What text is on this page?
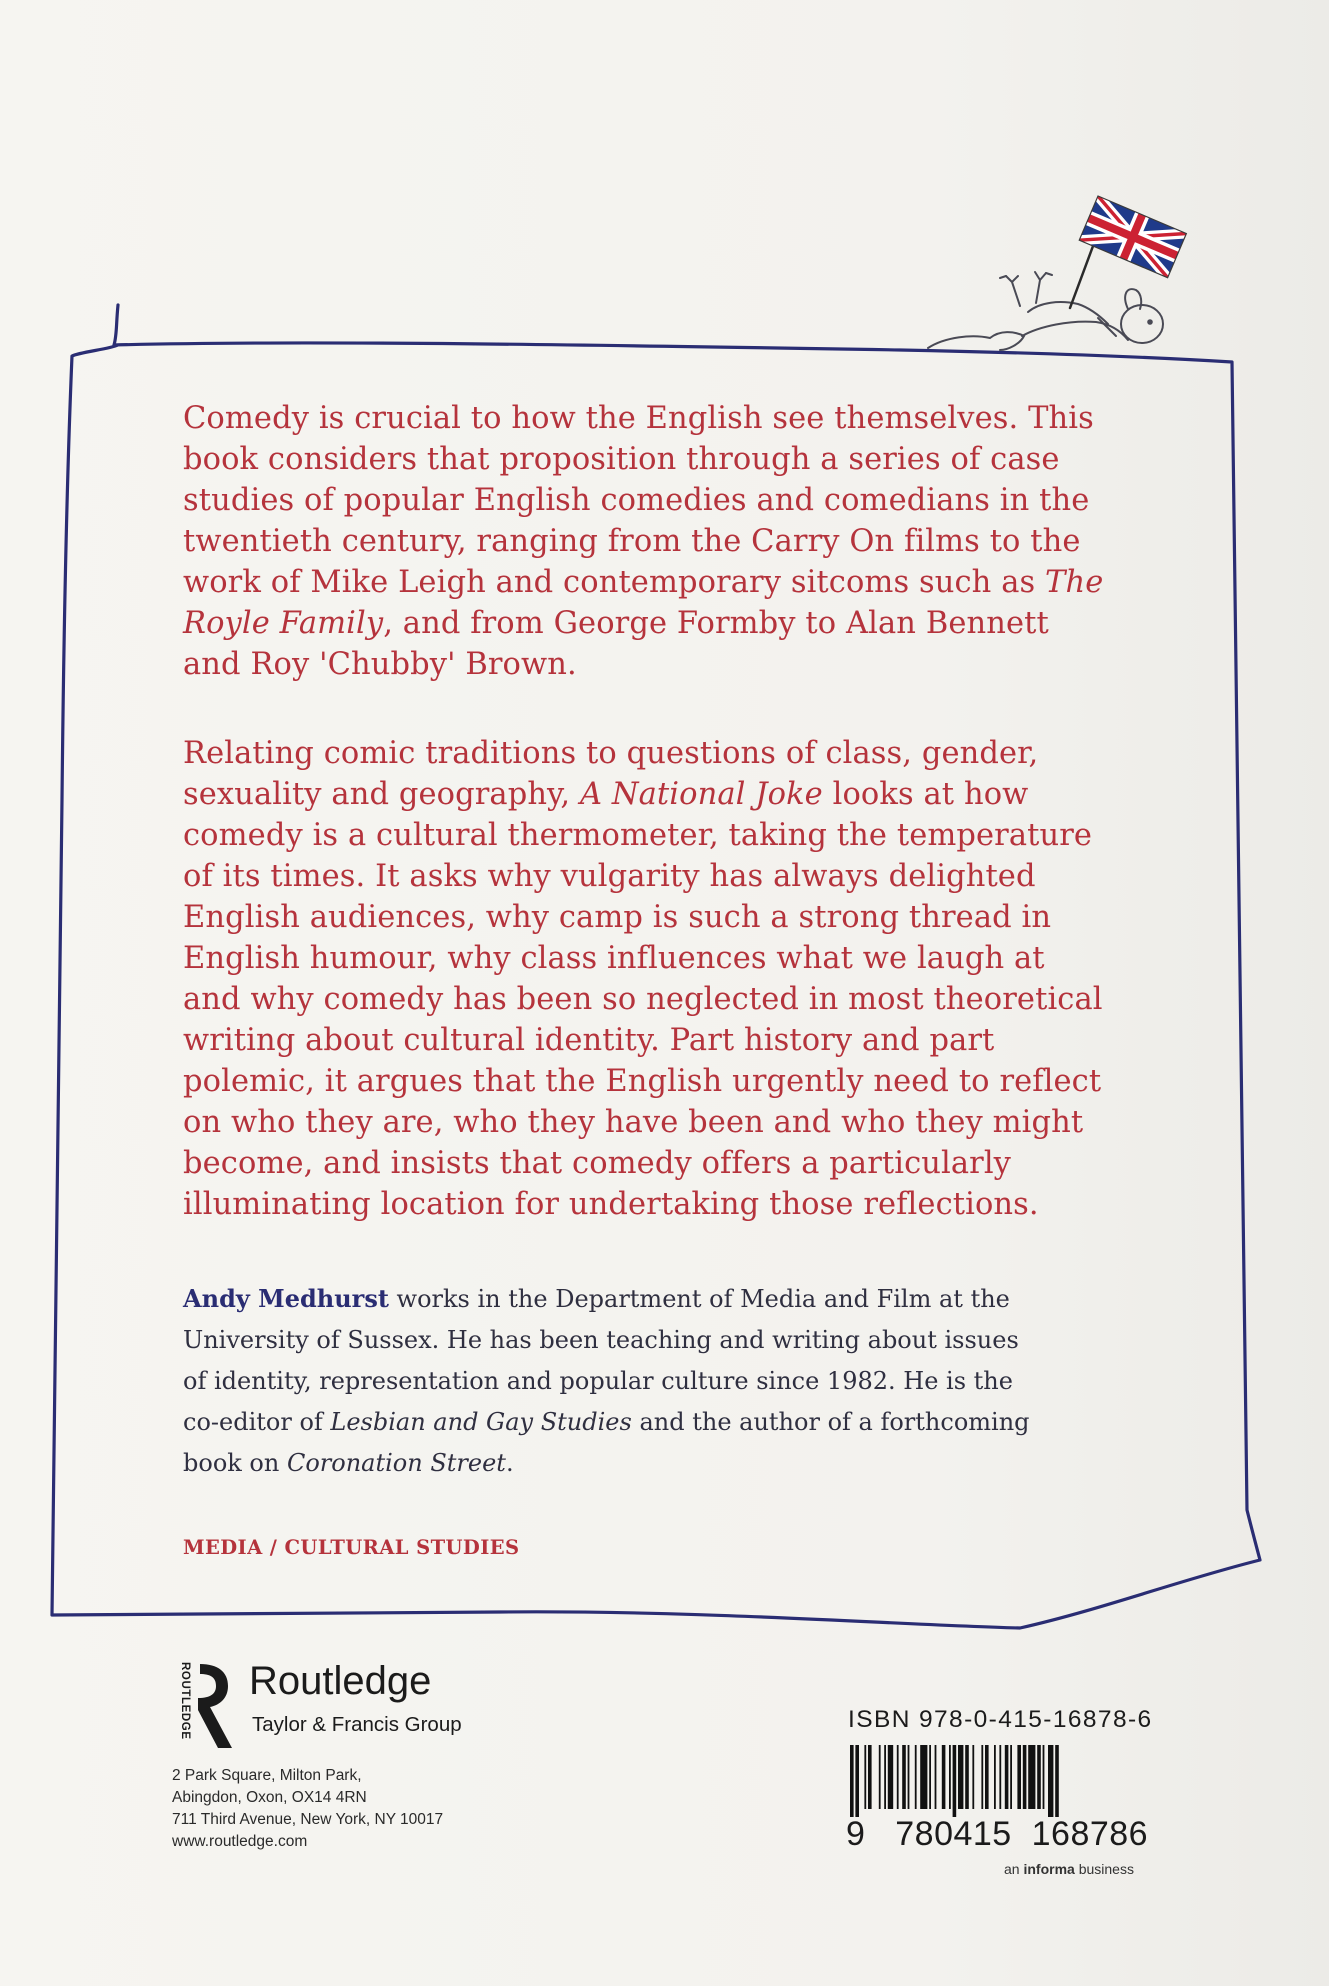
Comedy is crucial to how the English see themselves. This
book considers that proposition through a series of case
studies of popular English comedies and comedians in the
twentieth century, ranging from the Carry On films to the
work of Mike Leigh and contemporary sitcoms such as The
Royle Family, and from George Formby to Alan Bennett
and Roy 'Chubby' Brown.
Relating comic traditions to questions of class, gender,
sexuality and geography, A National Joke looks at how
comedy is a cultural thermometer, taking the temperature
of its times. It asks why vulgarity has always delighted
English audiences, why camp is such a strong thread in
English humour, why class influences what we laugh at
and why comedy has been so neglected in most theoretical
writing about cultural identity. Part history and part
polemic, it argues that the English urgently need to reflect
on who they are, who they have been and who they might
become, and insists that comedy offers a particularly
illuminating location for undertaking those reflections.
Andy Medhurst works in the Department of Media and Film at the
University of Sussex. He has been teaching and writing about issues
of identity, representation and popular culture since 1982. He is the
co-editor of Lesbian and Gay Studies and the author of a forthcoming
book on Coronation Street.
MEDIA / CULTURAL STUDIES
ROUTLEDGE Routledge
Taylor & Francis Group
2 Park Square, Milton Park,
Abingdon, Oxon, OX14 4RN
711 Third Avenue, New York, NY 10017
www.routledge.com
ISBN 978-0-415-16878-6
9 780415 168786
an informa business
